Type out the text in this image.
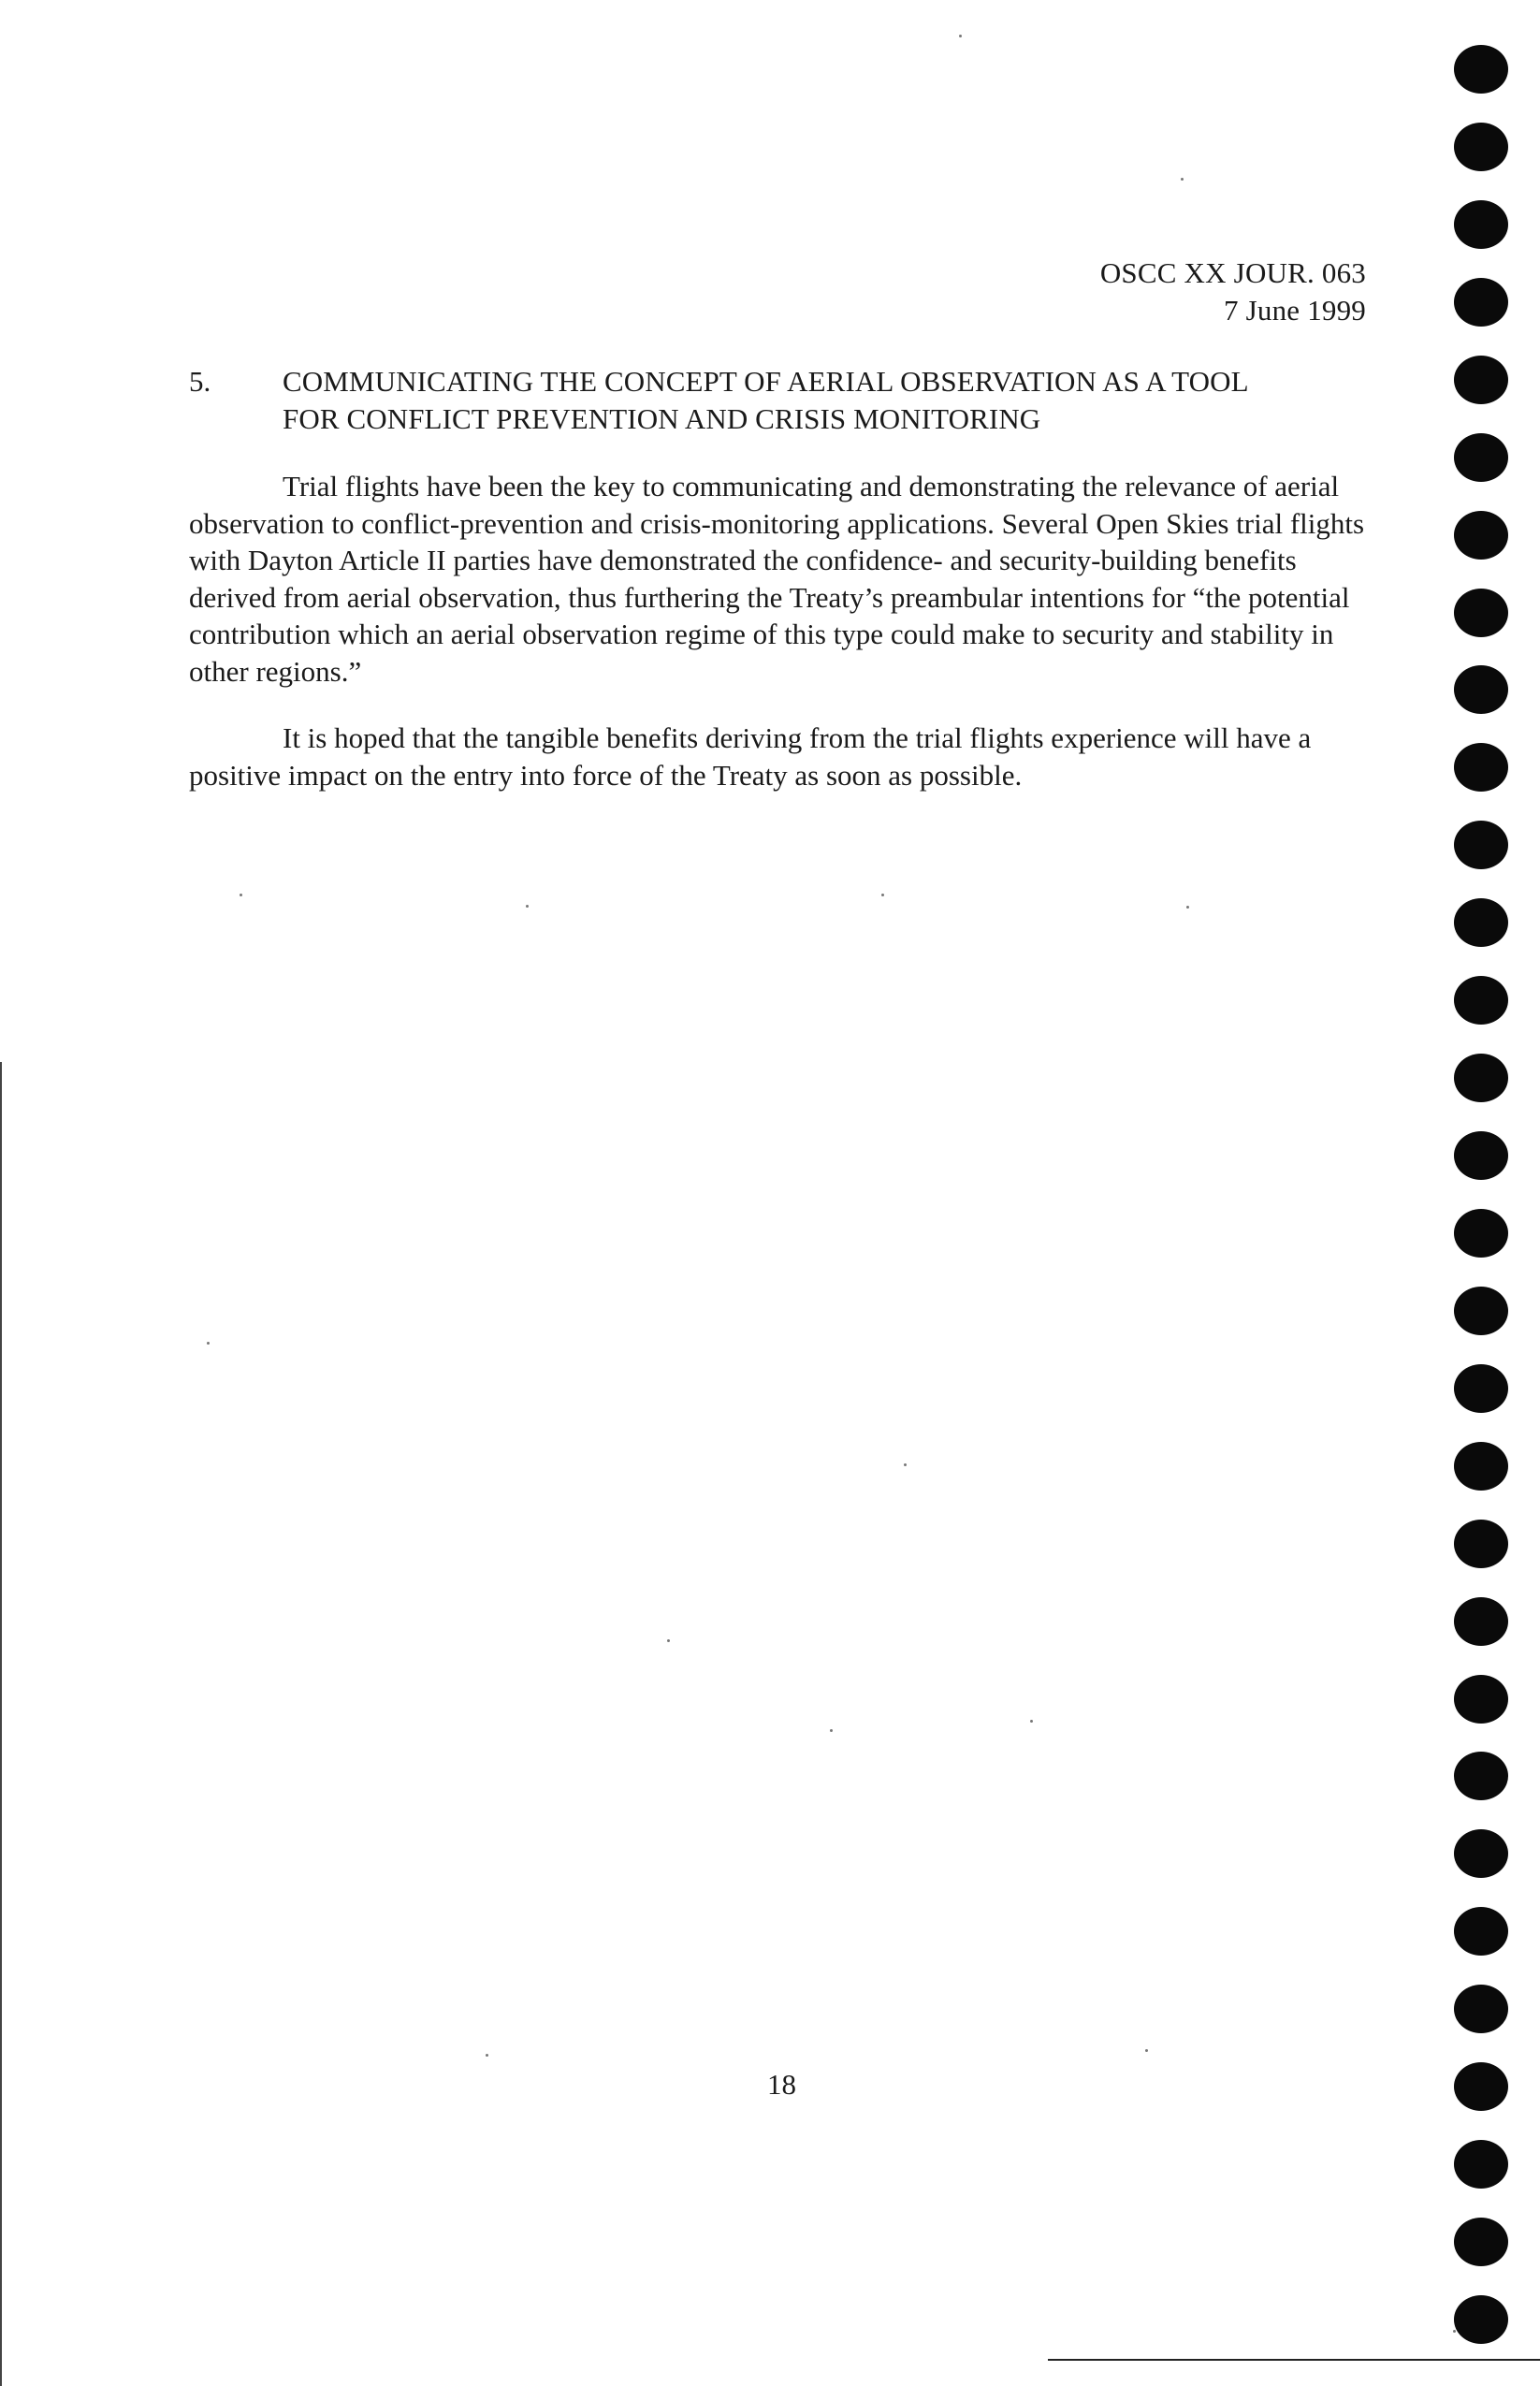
OSCC XX JOUR. 063
7 June 1999
5. COMMUNICATING THE CONCEPT OF AERIAL OBSERVATION AS A TOOL
FOR CONFLICT PREVENTION AND CRISIS MONITORING

Trial flights have been the key to communicating and demonstrating the relevance of aerial observation to conflict-prevention and crisis-monitoring applications. Several Open Skies trial flights with Dayton Article II parties have demonstrated the confidence- and security-building benefits derived from aerial observation, thus furthering the Treaty’s preambular intentions for “the potential contribution which an aerial observation regime of this type could make to security and stability in other regions.”

It is hoped that the tangible benefits deriving from the trial flights experience will have a positive impact on the entry into force of the Treaty as soon as possible.

18
